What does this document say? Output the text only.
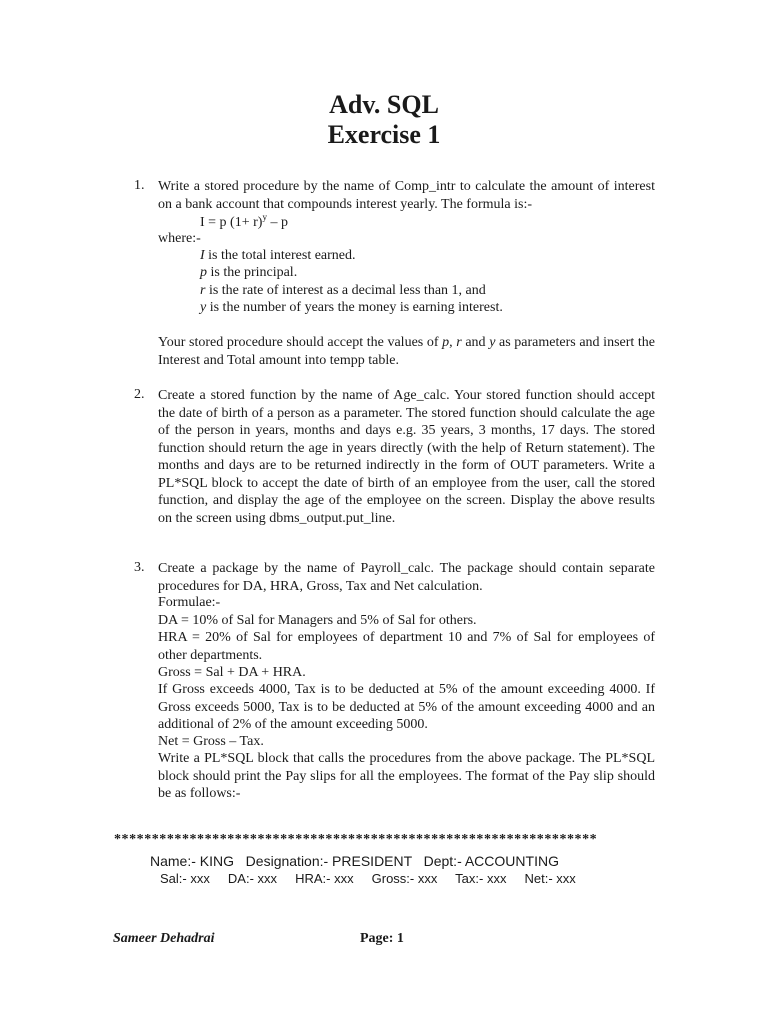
Adv. SQL
Exercise 1
1. Write a stored procedure by the name of Comp_intr to calculate the amount of interest on a bank account that compounds interest yearly. The formula is:-
I = p $(1+ r)^y - p$
where:-
I is the total interest earned.
p is the principal.
r is the rate of interest as a decimal less than 1, and
y is the number of years the money is earning interest.
Your stored procedure should accept the values of p, r and y as parameters and insert the Interest and Total amount into tempp table.
2. Create a stored function by the name of Age_calc. Your stored function should accept the date of birth of a person as a parameter. The stored function should calculate the age of the person in years, months and days e.g. 35 years, 3 months, 17 days. The stored function should return the age in years directly (with the help of Return statement). The months and days are to be returned indirectly in the form of OUT parameters. Write a PL*SQL block to accept the date of birth of an employee from the user, call the stored function, and display the age of the employee on the screen. Display the above results on the screen using dbms_output.put_line.
3. Create a package by the name of Payroll_calc. The package should contain separate procedures for DA, HRA, Gross, Tax and Net calculation.
Formulae:-
DA = 10% of Sal for Managers and 5% of Sal for others.
HRA = 20% of Sal for employees of department 10 and 7% of Sal for employees of other departments.
Gross = Sal + DA + HRA.
If Gross exceeds 4000, Tax is to be deducted at 5% of the amount exceeding 4000. If Gross exceeds 5000, Tax is to be deducted at 5% of the amount exceeding 4000 and an additional of 2% of the amount exceeding 5000.
Net = Gross – Tax.
Write a PL*SQL block that calls the procedures from the above package. The PL*SQL block should print the Pay slips for all the employees. The format of the Pay slip should be as follows:-
****************************************************************
Name:- KING   Designation:- PRESIDENT   Dept:- ACCOUNTING
Sal:- xxx     DA:- xxx     HRA:- xxx     Gross:- xxx     Tax:- xxx     Net:- xxx
Sameer Dehadrai	Page: 1
